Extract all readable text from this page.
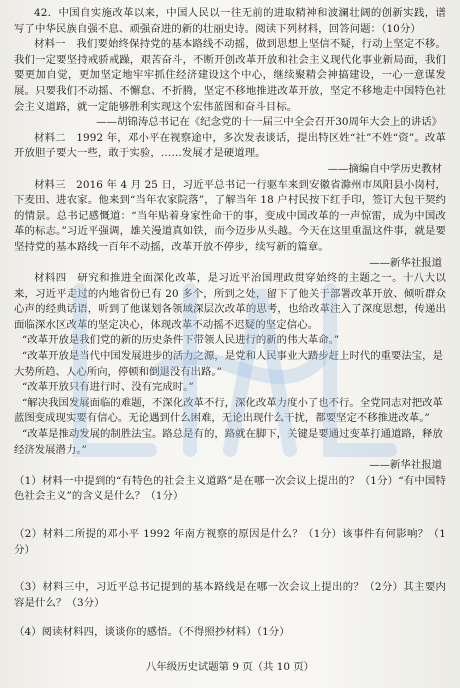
42．中国自实施改革以来，中国人民以一往无前的进取精神和波澜壮阔的创新实践，谱写了中华民族自强不息、顽强奋进的新的壮丽史诗。阅读下列材料，回答问题：（10分）

材料一　我们要始终保持党的基本路线不动摇，做到思想上坚信不疑，行动上坚定不移。我们一定要坚持戒骄戒躁，艰苦奋斗，不断开创改革开放和社会主义现代化事业新局面，我们要更加自觉，更加坚定地牢牢抓住经济建设这个中心，继续聚精会神搞建设，一心一意谋发展。只要我们不动摇、不懈怠、不折腾，坚定不移地推进改革开放，坚定不移地走中国特色社会主义道路，就一定能够胜利实现这个宏伟蓝图和奋斗目标。

——胡锦涛总书记在《纪念党的十一届三中全会召开30周年大会上的讲话》

材料二　1992 年，邓小平在视察途中，多次发表谈话，提出特区姓“社”不姓“资”。改革开放胆子要大一些，敢于实验，……发展才是硬道理。

——摘编自中学历史教材

材料三　2016 年 4 月 25 日，习近平总书记一行驱车来到安徽省滁州市凤阳县小岗村，下麦田、进农家。他来到“当年农家院落”，了解当年 18 户村民按下红手印，签订大包干契约的情景。总书记感慨道：“当年贴着身家性命干的事，变成中国改革的一声惊雷，成为中国改革的标志。”习近平强调，雄关漫道真如铁，而今迈步从头越。今天在这里重温这件事，就是要坚持党的基本路线一百年不动摇，改革开放不停步，续写新的篇章。

——新华社报道

材料四　研究和推进全面深化改革，是习近平治国理政贯穿始终的主题之一。十八大以来，习近平走过的内地省份已有 20 多个，所到之处，留下了他关于部署改革开放、倾听群众心声的经典话语，听到了他谋划各领域深层次改革的思考，也给改革注入了深度思想，传递出面临深水区改革的坚定决心，体现改革不动摇不迟疑的坚定信心。

“改革开放是我们党的新的历史条件下带领人民进行的新的伟大革命。”

“改革开放是当代中国发展进步的活力之源，是党和人民事业大踏步赶上时代的重要法宝，是大势所趋、人心所向，停顿和倒退没有出路。”

“改革开放只有进行时、没有完成时。”

“解决我国发展面临的难题，不深化改革不行，深化改革力度小了也不行。全党同志对把改革蓝图变成现实要有信心。无论遇到什么困难，无论出现什么干扰，都要坚定不移推进改革。”

“改革是推动发展的制胜法宝。路总是有的，路就在脚下，关键是要通过变革打通道路，释放经济发展潜力。”

——新华社报道

（1）材料一中提到的“有特色的社会主义道路”是在哪一次会议上提出的？（1分）“有中国特色社会主义”的含义是什么？（1分）

（2）材料二所提的邓小平 1992 年南方视察的原因是什么？（1分）该事件有何影响？（1分）

（3）材料三中，习近平总书记提到的基本路线是在哪一次会议上提出的？（2分）其主要内容是什么？（3分）

（4）阅读材料四，谈谈你的感悟。（不得照抄材料）（1分）

八年级历史试题第 9 页（共 10 页）
